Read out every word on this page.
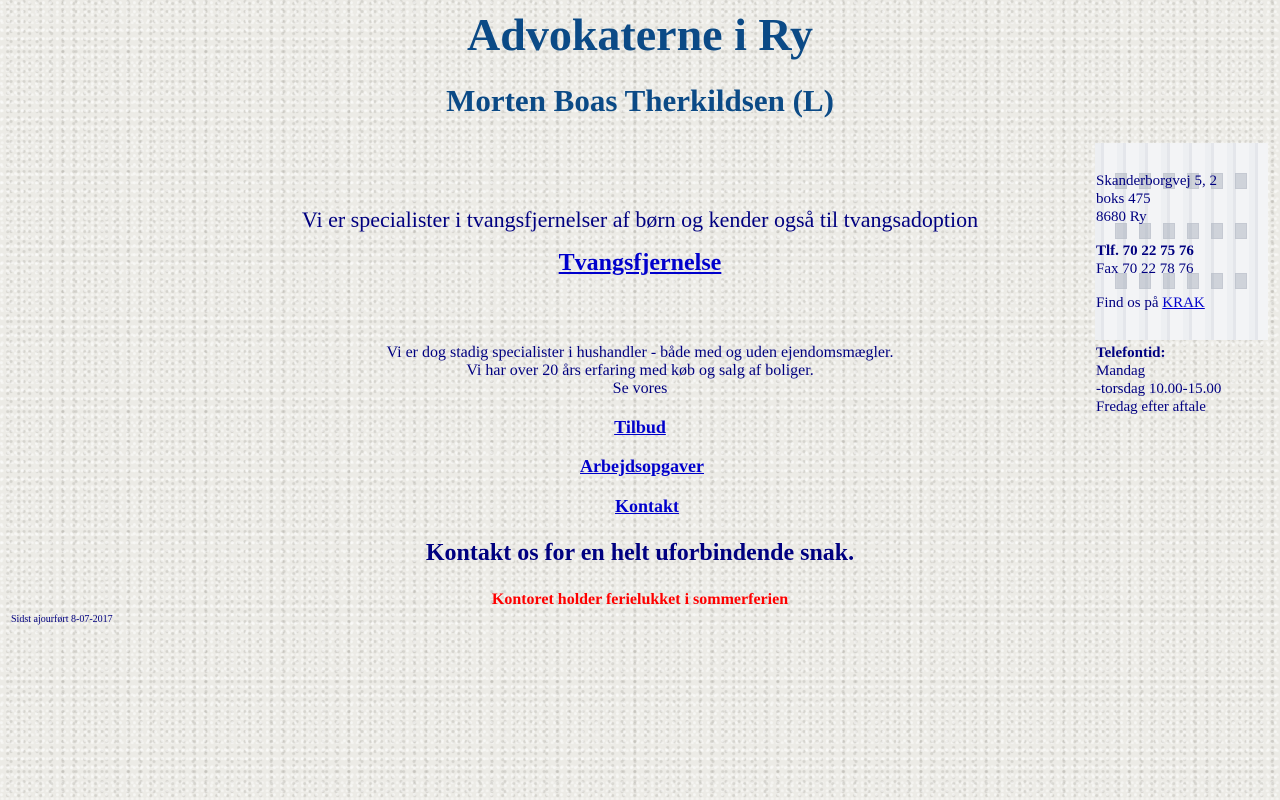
Advokaterne i Ry
Morten Boas Therkildsen (L)
Vi er specialister i tvangsfjernelser af børn og kender også til tvangsadoption
Tvangsfjernelse
Vi er dog stadig specialister i hushandler - både med og uden ejendomsmægler.
Vi har over 20 års erfaring med køb og salg af boliger.
Se vores
Tilbud
Arbejdsopgaver
Kontakt
Kontakt os for en helt uforbindende snak.
Kontoret holder ferielukket i sommerferien
Sidst ajourført 8-07-2017
Skanderborgvej 5, 2
boks 475
8680 Ry
Tlf. 70 22 75 76
Fax 70 22 78 76
Find os på KRAK
Telefontid:
Mandag
-torsdag 10.00-15.00
Fredag efter aftale
